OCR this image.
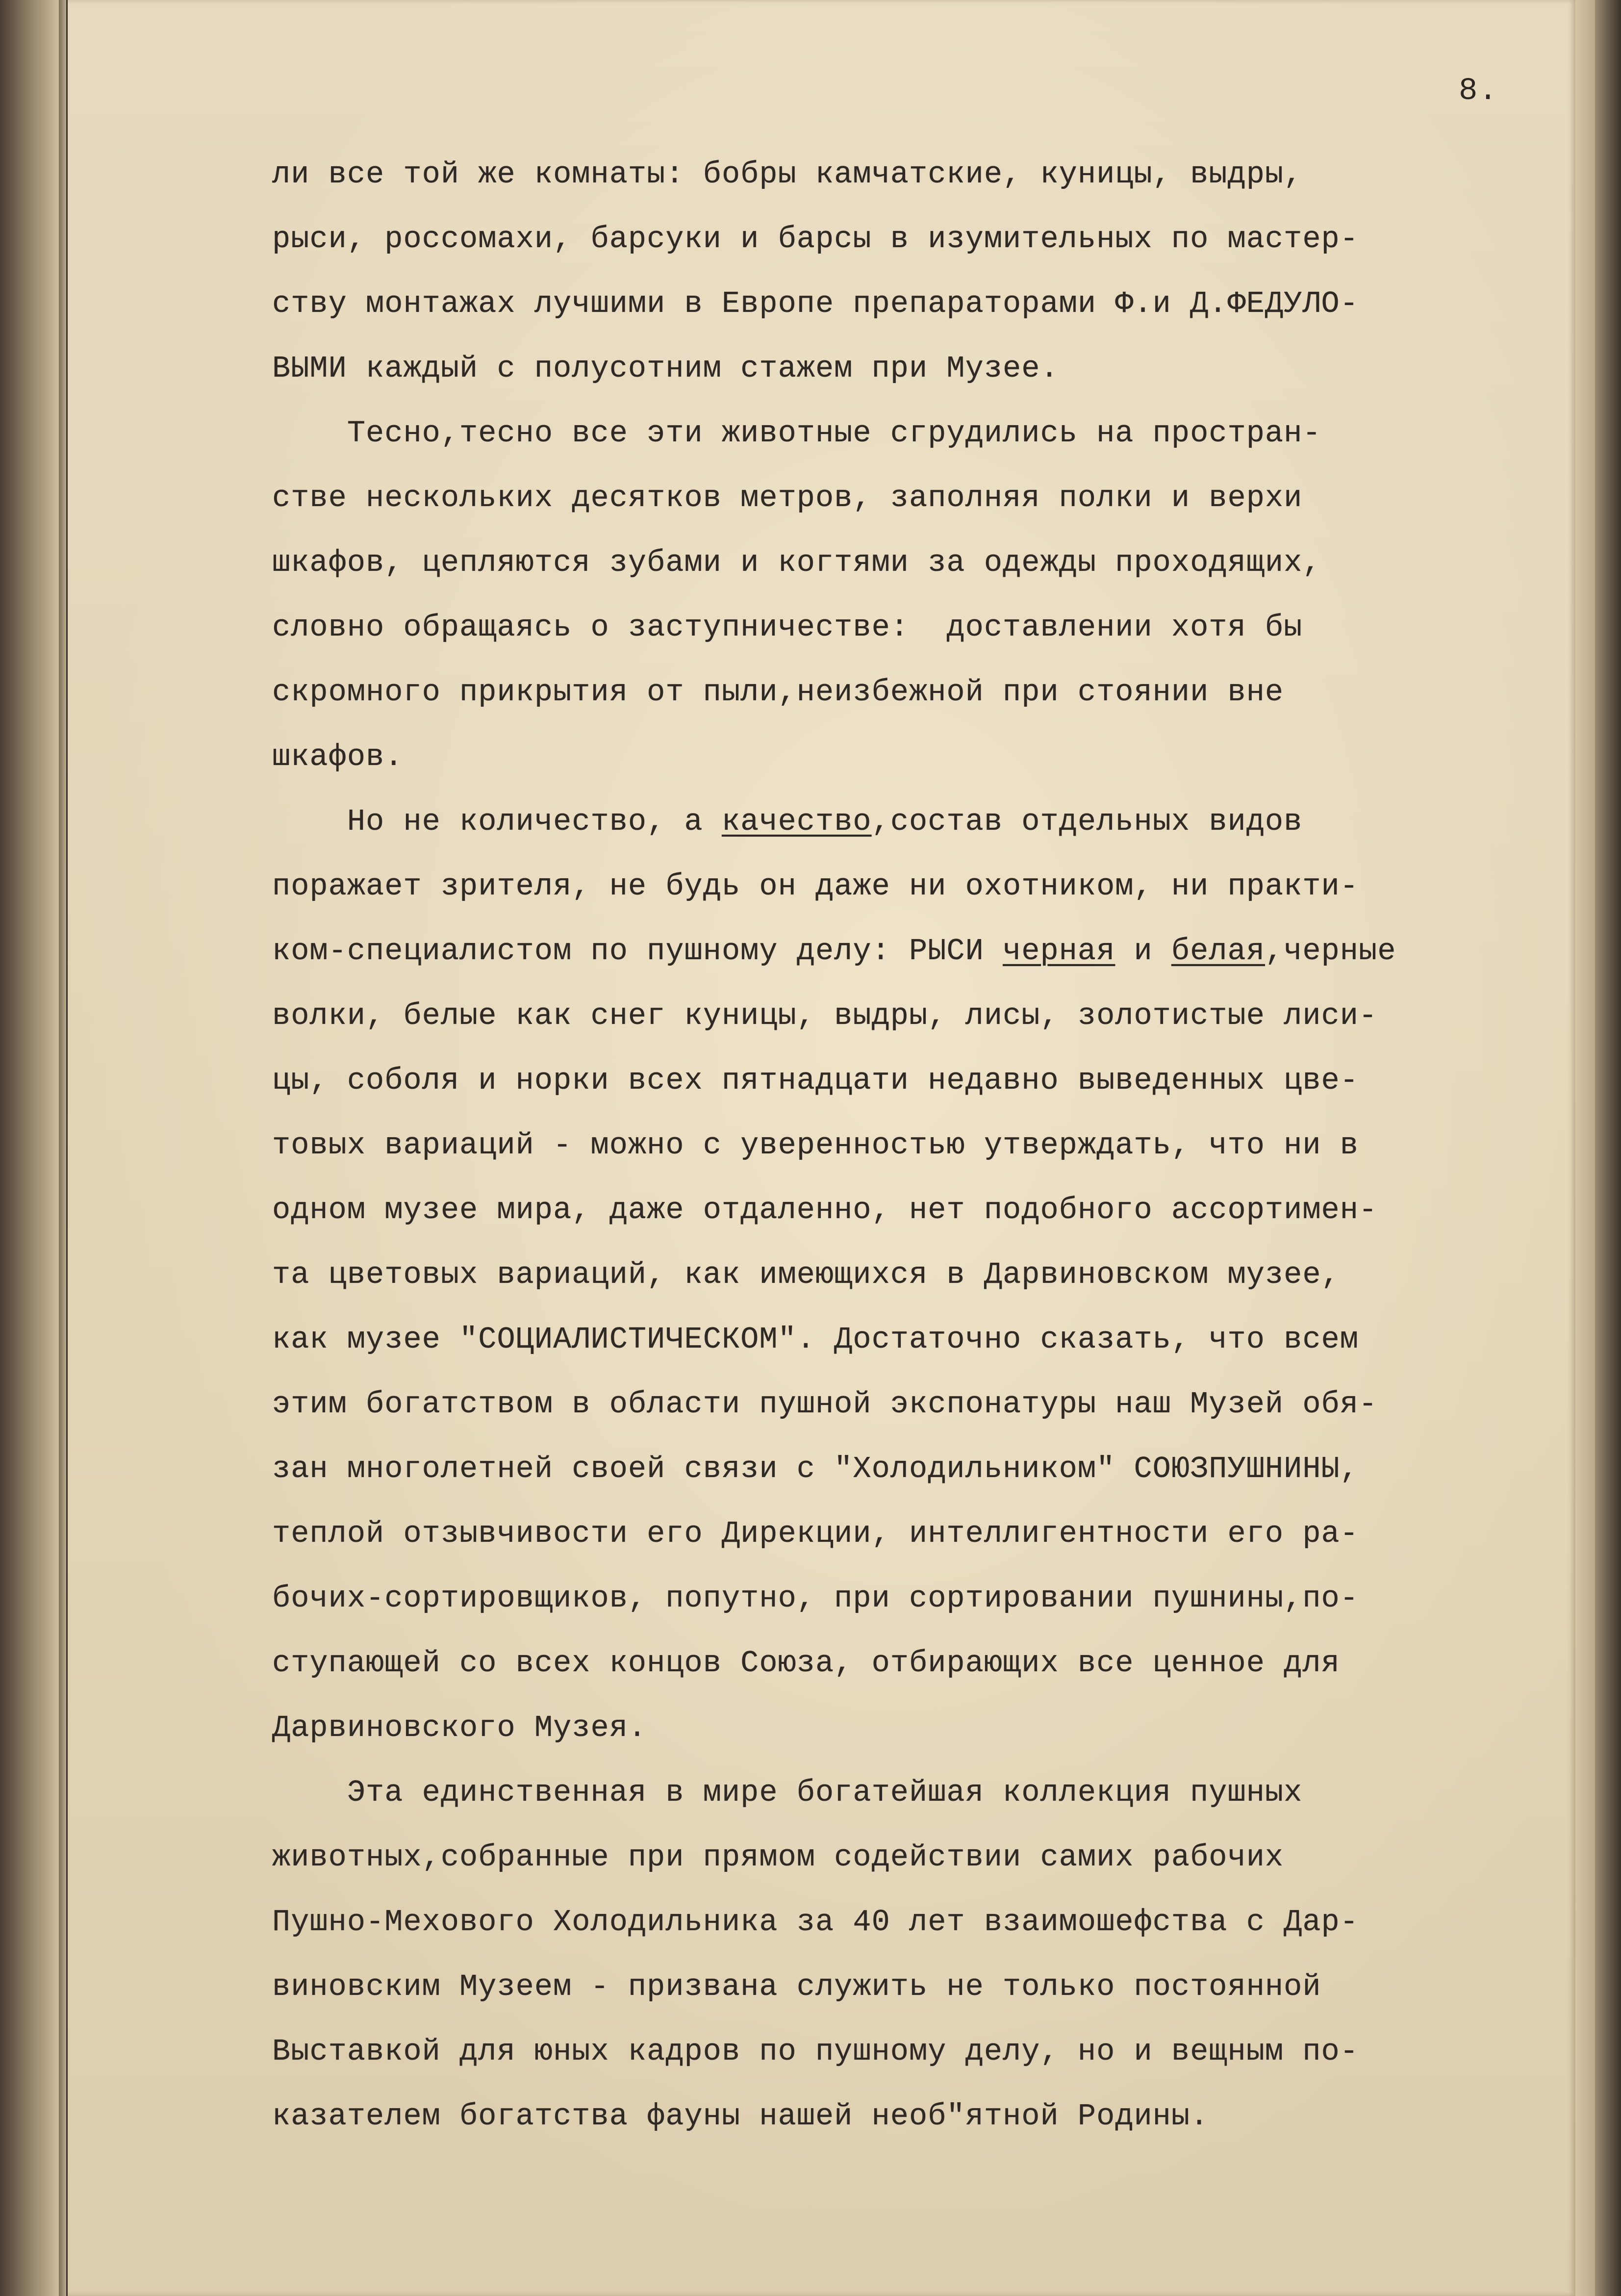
8.
ли все той же комнаты: бобры камчатские, куницы, выдры,
рыси, россомахи, барсуки и барсы в изумительных по мастер-
ству монтажах лучшими в Европе препараторами Ф.и Д.ФЕДУЛО-
ВЫМИ каждый с полусотним стажем при Музее.
Тесно,тесно все эти животные сгрудились на простран-
стве нескольких десятков метров, заполняя полки и верхи
шкафов, цепляются зубами и когтями за одежды проходящих,
словно обращаясь о заступничестве:  доставлении хотя бы
скромного прикрытия от пыли,неизбежной при стоянии вне
шкафов.
Но не количество, а качество,состав отдельных видов
поражает зрителя, не будь он даже ни охотником, ни практи-
ком-специалистом по пушному делу: РЫСИ черная и белая,черные
волки, белые как снег куницы, выдры, лисы, золотистые лиси-
цы, соболя и норки всех пятнадцати недавно выведенных цве-
товых вариаций - можно с уверенностью утверждать, что ни в
одном музее мира, даже отдаленно, нет подобного ассортимен-
та цветовых вариаций, как имеющихся в Дарвиновском музее,
как музее "СОЦИАЛИСТИЧЕСКОМ". Достаточно сказать, что всем
этим богатством в области пушной экспонатуры наш Музей обя-
зан многолетней своей связи с "Холодильником" СОЮЗПУШНИНЫ,
теплой отзывчивости его Дирекции, интеллигентности его ра-
бочих-сортировщиков, попутно, при сортировании пушнины,по-
ступающей со всех концов Союза, отбирающих все ценное для
Дарвиновского Музея.
Эта единственная в мире богатейшая коллекция пушных
животных,собранные при прямом содействии самих рабочих
Пушно-Мехового Холодильника за 40 лет взаимошефства с Дар-
виновским Музеем - призвана служить не только постоянной
Выставкой для юных кадров по пушному делу, но и вещным по-
казателем богатства фауны нашей необ"ятной Родины.
